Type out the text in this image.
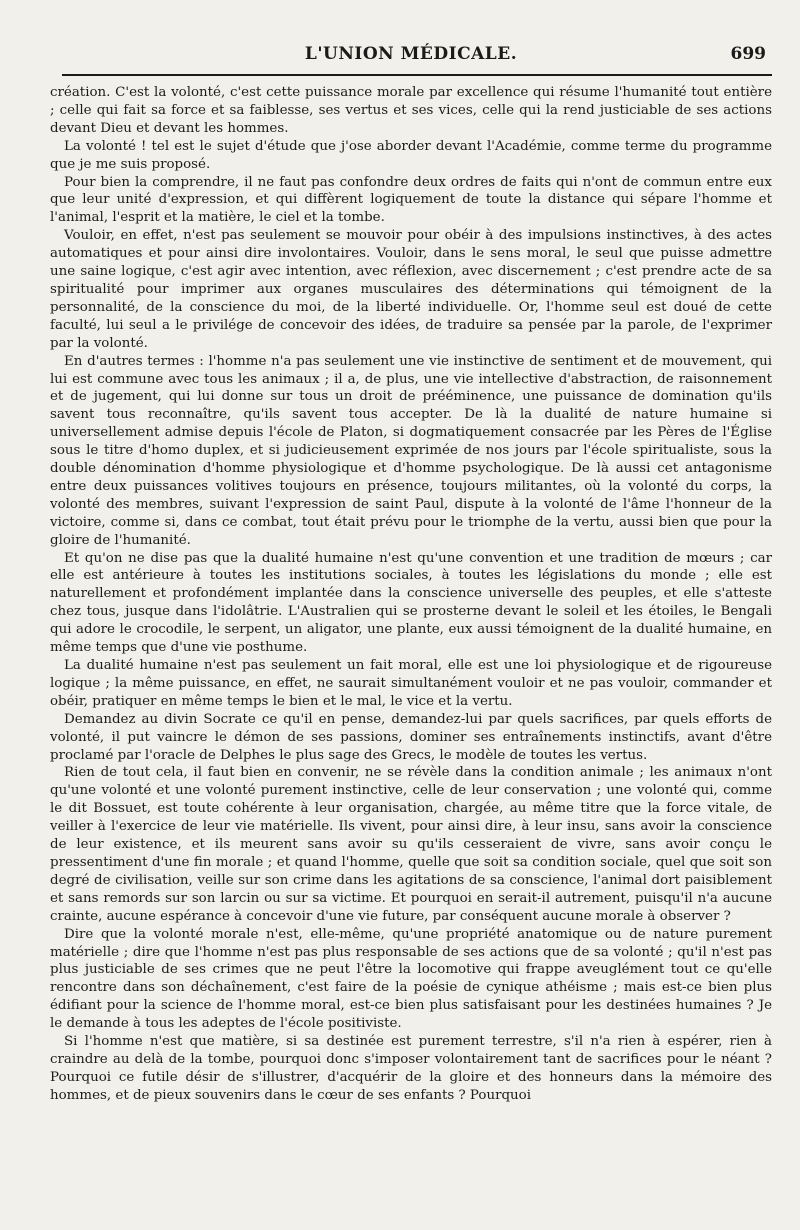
L'UNION MÉDICALE.	699

création. C'est la volonté, c'est cette puissance morale par excellence qui résume l'humanité tout entière ; celle qui fait sa force et sa faiblesse, ses vertus et ses vices, celle qui la rend justiciable de ses actions devant Dieu et devant les hommes.

La volonté ! tel est le sujet d'étude que j'ose aborder devant l'Académie, comme terme du programme que je me suis proposé.

Pour bien la comprendre, il ne faut pas confondre deux ordres de faits qui n'ont de commun entre eux que leur unité d'expression, et qui diffèrent logiquement de toute la distance qui sépare l'homme et l'animal, l'esprit et la matière, le ciel et la tombe.

Vouloir, en effet, n'est pas seulement se mouvoir pour obéir à des impulsions instinctives, à des actes automatiques et pour ainsi dire involontaires. Vouloir, dans le sens moral, le seul que puisse admettre une saine logique, c'est agir avec intention, avec réflexion, avec discernement ; c'est prendre acte de sa spiritualité pour imprimer aux organes musculaires des déterminations qui témoignent de la personnalité, de la conscience du moi, de la liberté individuelle. Or, l'homme seul est doué de cette faculté, lui seul a le privilége de concevoir des idées, de traduire sa pensée par la parole, de l'exprimer par la volonté.

En d'autres termes : l'homme n'a pas seulement une vie instinctive de sentiment et de mouvement, qui lui est commune avec tous les animaux ; il a, de plus, une vie intellective d'abstraction, de raisonnement et de jugement, qui lui donne sur tous un droit de prééminence, une puissance de domination qu'ils savent tous reconnaître, qu'ils savent tous accepter. De là la dualité de nature humaine si universellement admise depuis l'école de Platon, si dogmatiquement consacrée par les Pères de l'Église sous le titre d'homo duplex, et si judicieusement exprimée de nos jours par l'école spiritualiste, sous la double dénomination d'homme physiologique et d'homme psychologique. De là aussi cet antagonisme entre deux puissances volitives toujours en présence, toujours militantes, où la volonté du corps, la volonté des membres, suivant l'expression de saint Paul, dispute à la volonté de l'âme l'honneur de la victoire, comme si, dans ce combat, tout était prévu pour le triomphe de la vertu, aussi bien que pour la gloire de l'humanité.

Et qu'on ne dise pas que la dualité humaine n'est qu'une convention et une tradition de mœurs ; car elle est antérieure à toutes les institutions sociales, à toutes les législations du monde ; elle est naturellement et profondément implantée dans la conscience universelle des peuples, et elle s'atteste chez tous, jusque dans l'idolâtrie. L'Australien qui se prosterne devant le soleil et les étoiles, le Bengali qui adore le crocodile, le serpent, un aligator, une plante, eux aussi témoignent de la dualité humaine, en même temps que d'une vie posthume.

La dualité humaine n'est pas seulement un fait moral, elle est une loi physiologique et de rigoureuse logique ; la même puissance, en effet, ne saurait simultanément vouloir et ne pas vouloir, commander et obéir, pratiquer en même temps le bien et le mal, le vice et la vertu.

Demandez au divin Socrate ce qu'il en pense, demandez-lui par quels sacrifices, par quels efforts de volonté, il put vaincre le démon de ses passions, dominer ses entraînements instinctifs, avant d'être proclamé par l'oracle de Delphes le plus sage des Grecs, le modèle de toutes les vertus.

Rien de tout cela, il faut bien en convenir, ne se révèle dans la condition animale ; les animaux n'ont qu'une volonté et une volonté purement instinctive, celle de leur conservation ; une volonté qui, comme le dit Bossuet, est toute cohérente à leur organisation, chargée, au même titre que la force vitale, de veiller à l'exercice de leur vie matérielle. Ils vivent, pour ainsi dire, à leur insu, sans avoir la conscience de leur existence, et ils meurent sans avoir su qu'ils cesseraient de vivre, sans avoir conçu le pressentiment d'une fin morale ; et quand l'homme, quelle que soit sa condition sociale, quel que soit son degré de civilisation, veille sur son crime dans les agitations de sa conscience, l'animal dort paisiblement et sans remords sur son larcin ou sur sa victime. Et pourquoi en serait-il autrement, puisqu'il n'a aucune crainte, aucune espérance à concevoir d'une vie future, par conséquent aucune morale à observer ?

Dire que la volonté morale n'est, elle-même, qu'une propriété anatomique ou de nature purement matérielle ; dire que l'homme n'est pas plus responsable de ses actions que de sa volonté ; qu'il n'est pas plus justiciable de ses crimes que ne peut l'être la locomotive qui frappe aveuglément tout ce qu'elle rencontre dans son déchaînement, c'est faire de la poésie de cynique athéisme ; mais est-ce bien plus édifiant pour la science de l'homme moral, est-ce bien plus satisfaisant pour les destinées humaines ? Je le demande à tous les adeptes de l'école positiviste.

Si l'homme n'est que matière, si sa destinée est purement terrestre, s'il n'a rien à espérer, rien à craindre au delà de la tombe, pourquoi donc s'imposer volontairement tant de sacrifices pour le néant ? Pourquoi ce futile désir de s'illustrer, d'acquérir de la gloire et des honneurs dans la mémoire des hommes, et de pieux souvenirs dans le cœur de ses enfants ? Pourquoi
